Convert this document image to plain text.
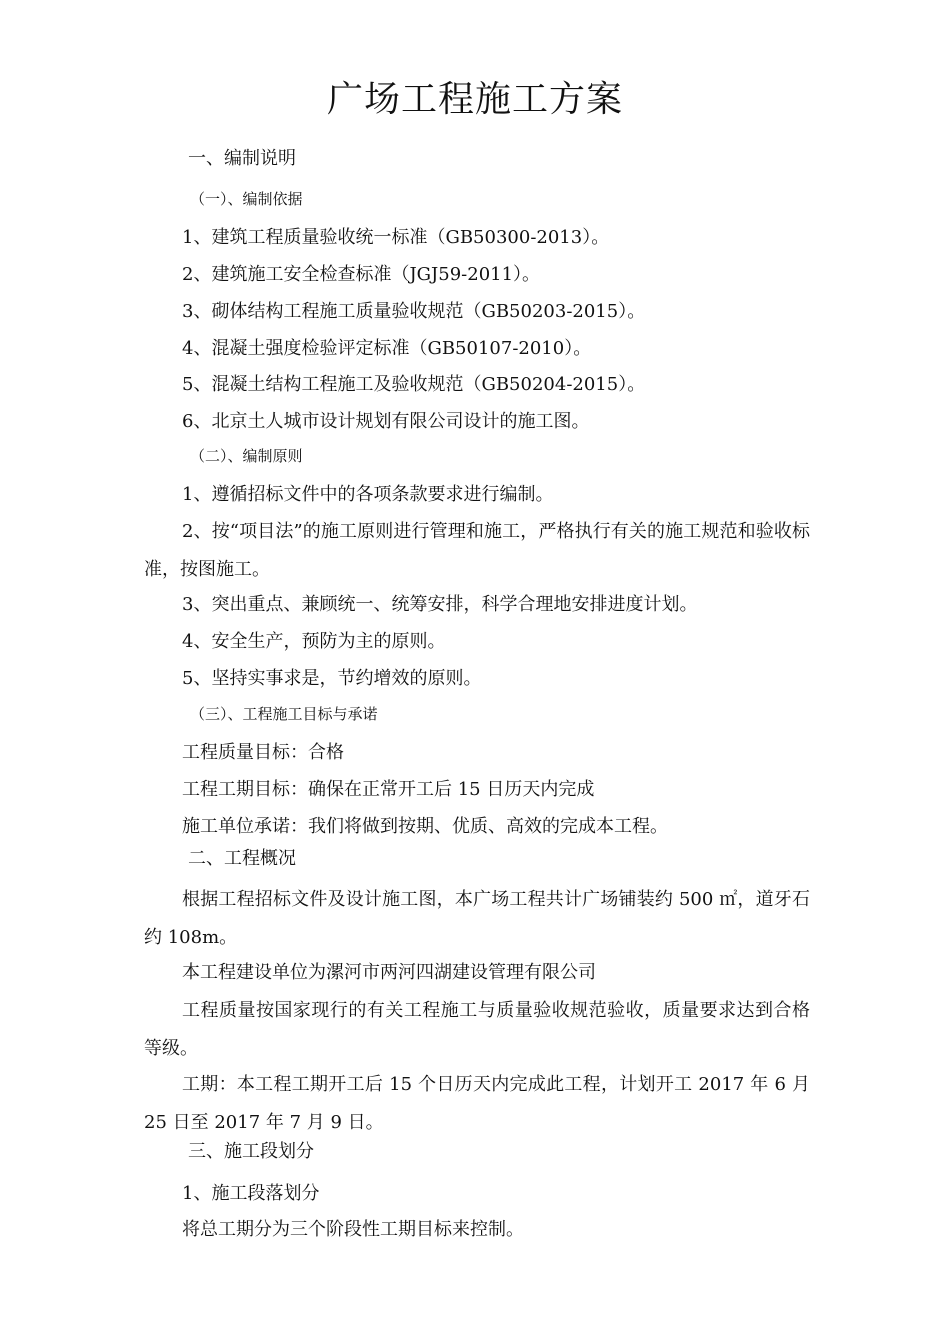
广场工程施工方案

一、编制说明

（一）、编制依据

1、建筑工程质量验收统一标准（GB50300-2013）。

2、建筑施工安全检查标准（JGJ59-2011）。

3、砌体结构工程施工质量验收规范（GB50203-2015）。

4、混凝土强度检验评定标准（GB50107-2010）。

5、混凝土结构工程施工及验收规范（GB50204-2015）。

6、北京土人城市设计规划有限公司设计的施工图。

（二）、编制原则

1、遵循招标文件中的各项条款要求进行编制。

2、按“项目法”的施工原则进行管理和施工，严格执行有关的施工规范和验收标准，按图施工。

3、突出重点、兼顾统一、统筹安排，科学合理地安排进度计划。

4、安全生产，预防为主的原则。

5、坚持实事求是，节约增效的原则。

（三）、工程施工目标与承诺

工程质量目标：合格

工程工期目标：确保在正常开工后 15 日历天内完成

施工单位承诺：我们将做到按期、优质、高效的完成本工程。

二、工程概况

根据工程招标文件及设计施工图，本广场工程共计广场铺装约 500 ㎡，道牙石约 108m。

本工程建设单位为漯河市两河四湖建设管理有限公司

工程质量按国家现行的有关工程施工与质量验收规范验收，质量要求达到合格等级。

工期：本工程工期开工后 15 个日历天内完成此工程，计划开工 2017 年 6 月 25 日至 2017 年 7 月 9 日。

三、施工段划分

1、施工段落划分

将总工期分为三个阶段性工期目标来控制。
